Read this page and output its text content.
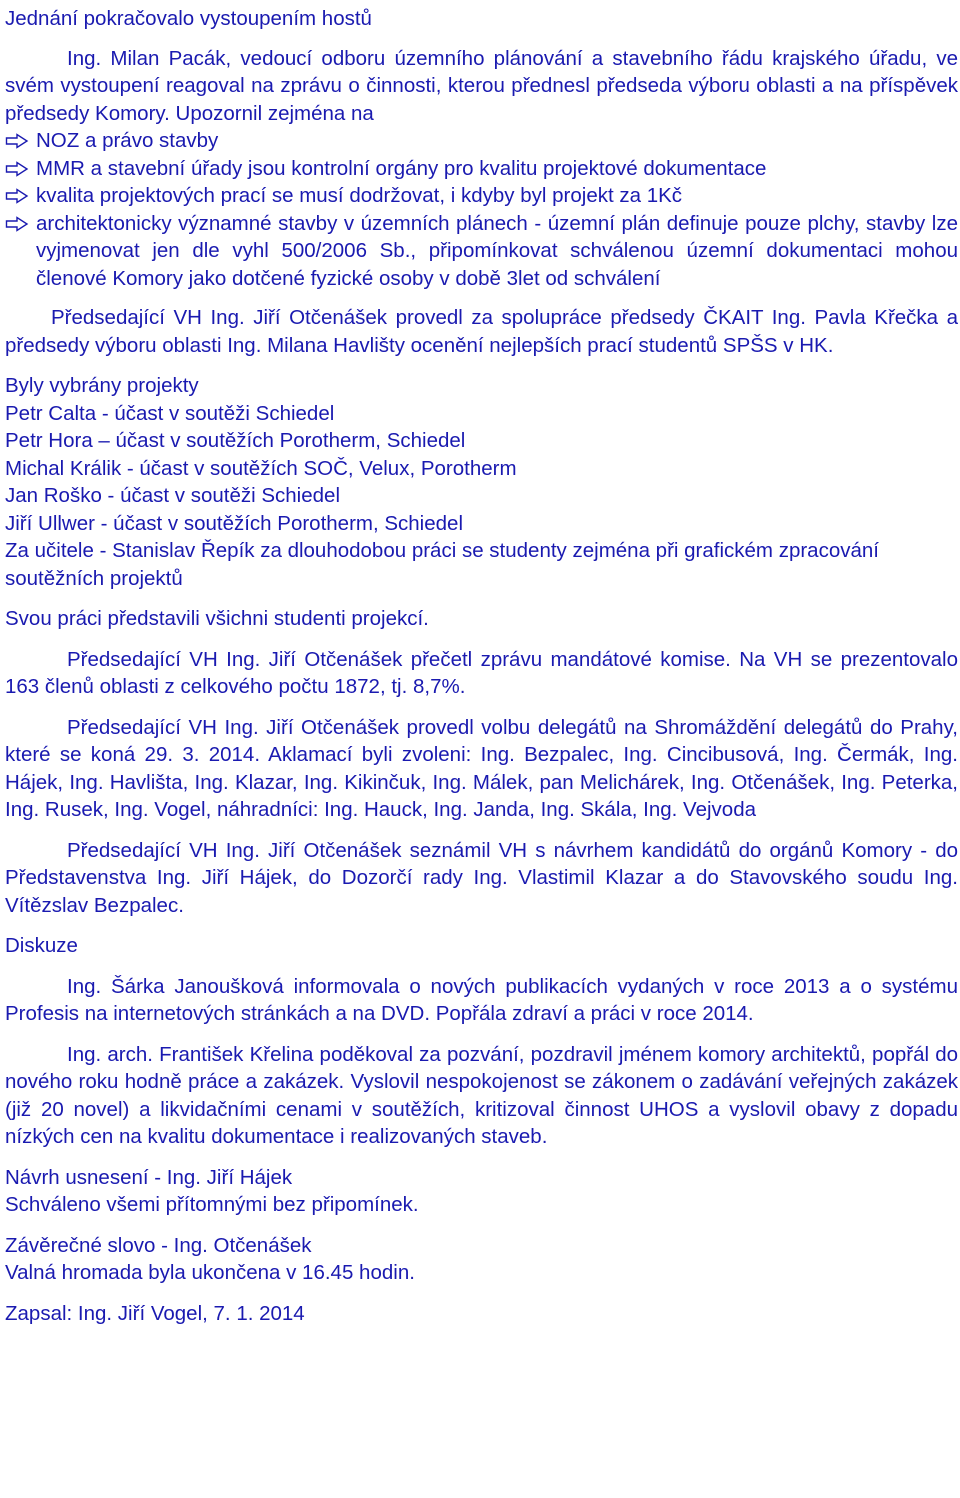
Jednání pokračovalo vystoupením hostů

Ing. Milan Pacák, vedoucí odboru územního plánování a stavebního řádu krajského úřadu, ve svém vystoupení reagoval na zprávu o činnosti, kterou přednesl předseda výboru oblasti a na příspěvek předsedy Komory. Upozornil zejména na

NOZ a právo stavby
MMR a stavební úřady jsou kontrolní orgány pro kvalitu projektové dokumentace
kvalita projektových prací se musí dodržovat, i kdyby byl projekt za 1Kč
architektonicky významné stavby v územních plánech - územní plán definuje pouze plchy, stavby lze vyjmenovat jen dle vyhl 500/2006 Sb., připomínkovat schválenou územní dokumentaci mohou členové Komory jako dotčené fyzické osoby v době 3let od schválení

Předsedající VH Ing. Jiří Otčenášek provedl za spolupráce předsedy ČKAIT Ing. Pavla Křečka a předsedy výboru oblasti Ing. Milana Havlišty ocenění nejlepších prací studentů SPŠS v HK.

Byly vybrány projekty

Petr Calta - účast v soutěži Schiedel

Petr Hora – účast v soutěžích Porotherm, Schiedel

Michal Králik - účast v soutěžích SOČ, Velux, Porotherm

Jan Roško - účast v soutěži Schiedel

Jiří Ullwer - účast v soutěžích Porotherm, Schiedel

Za učitele - Stanislav Řepík za dlouhodobou práci se studenty zejména při grafickém zpracování soutěžních projektů

Svou práci představili všichni studenti projekcí.

Předsedající VH Ing. Jiří Otčenášek přečetl zprávu mandátové komise. Na VH se prezentovalo 163 členů oblasti z celkového počtu 1872, tj. 8,7%.

Předsedající VH Ing. Jiří Otčenášek provedl volbu delegátů na Shromáždění delegátů do Prahy, které se koná 29. 3. 2014. Aklamací byli zvoleni: Ing. Bezpalec, Ing. Cincibusová, Ing. Čermák, Ing. Hájek, Ing. Havlišta, Ing. Klazar, Ing. Kikinčuk, Ing. Málek, pan Melichárek, Ing. Otčenášek, Ing. Peterka, Ing. Rusek, Ing. Vogel, náhradníci: Ing. Hauck, Ing. Janda, Ing. Skála, Ing. Vejvoda

Předsedající VH Ing. Jiří Otčenášek seznámil VH s návrhem kandidátů do orgánů Komory - do Představenstva Ing. Jiří Hájek, do Dozorčí rady Ing. Vlastimil Klazar a do Stavovského soudu Ing. Vítězslav Bezpalec.

Diskuze

Ing. Šárka Janoušková informovala o nových publikacích vydaných v roce 2013 a o systému Profesis na internetových stránkách a na DVD. Popřála zdraví a práci v roce 2014.

Ing. arch. František Křelina poděkoval za pozvání, pozdravil jménem komory architektů, popřál do nového roku hodně práce a zakázek. Vyslovil nespokojenost se zákonem o zadávání veřejných zakázek (již 20 novel) a likvidačními cenami v soutěžích, kritizoval činnost UHOS a vyslovil obavy z dopadu nízkých cen na kvalitu dokumentace i realizovaných staveb.

Návrh usnesení - Ing. Jiří Hájek

Schváleno všemi přítomnými bez připomínek.

Závěrečné slovo - Ing. Otčenášek

Valná hromada byla ukončena v 16.45 hodin.

Zapsal: Ing. Jiří Vogel, 7. 1. 2014
